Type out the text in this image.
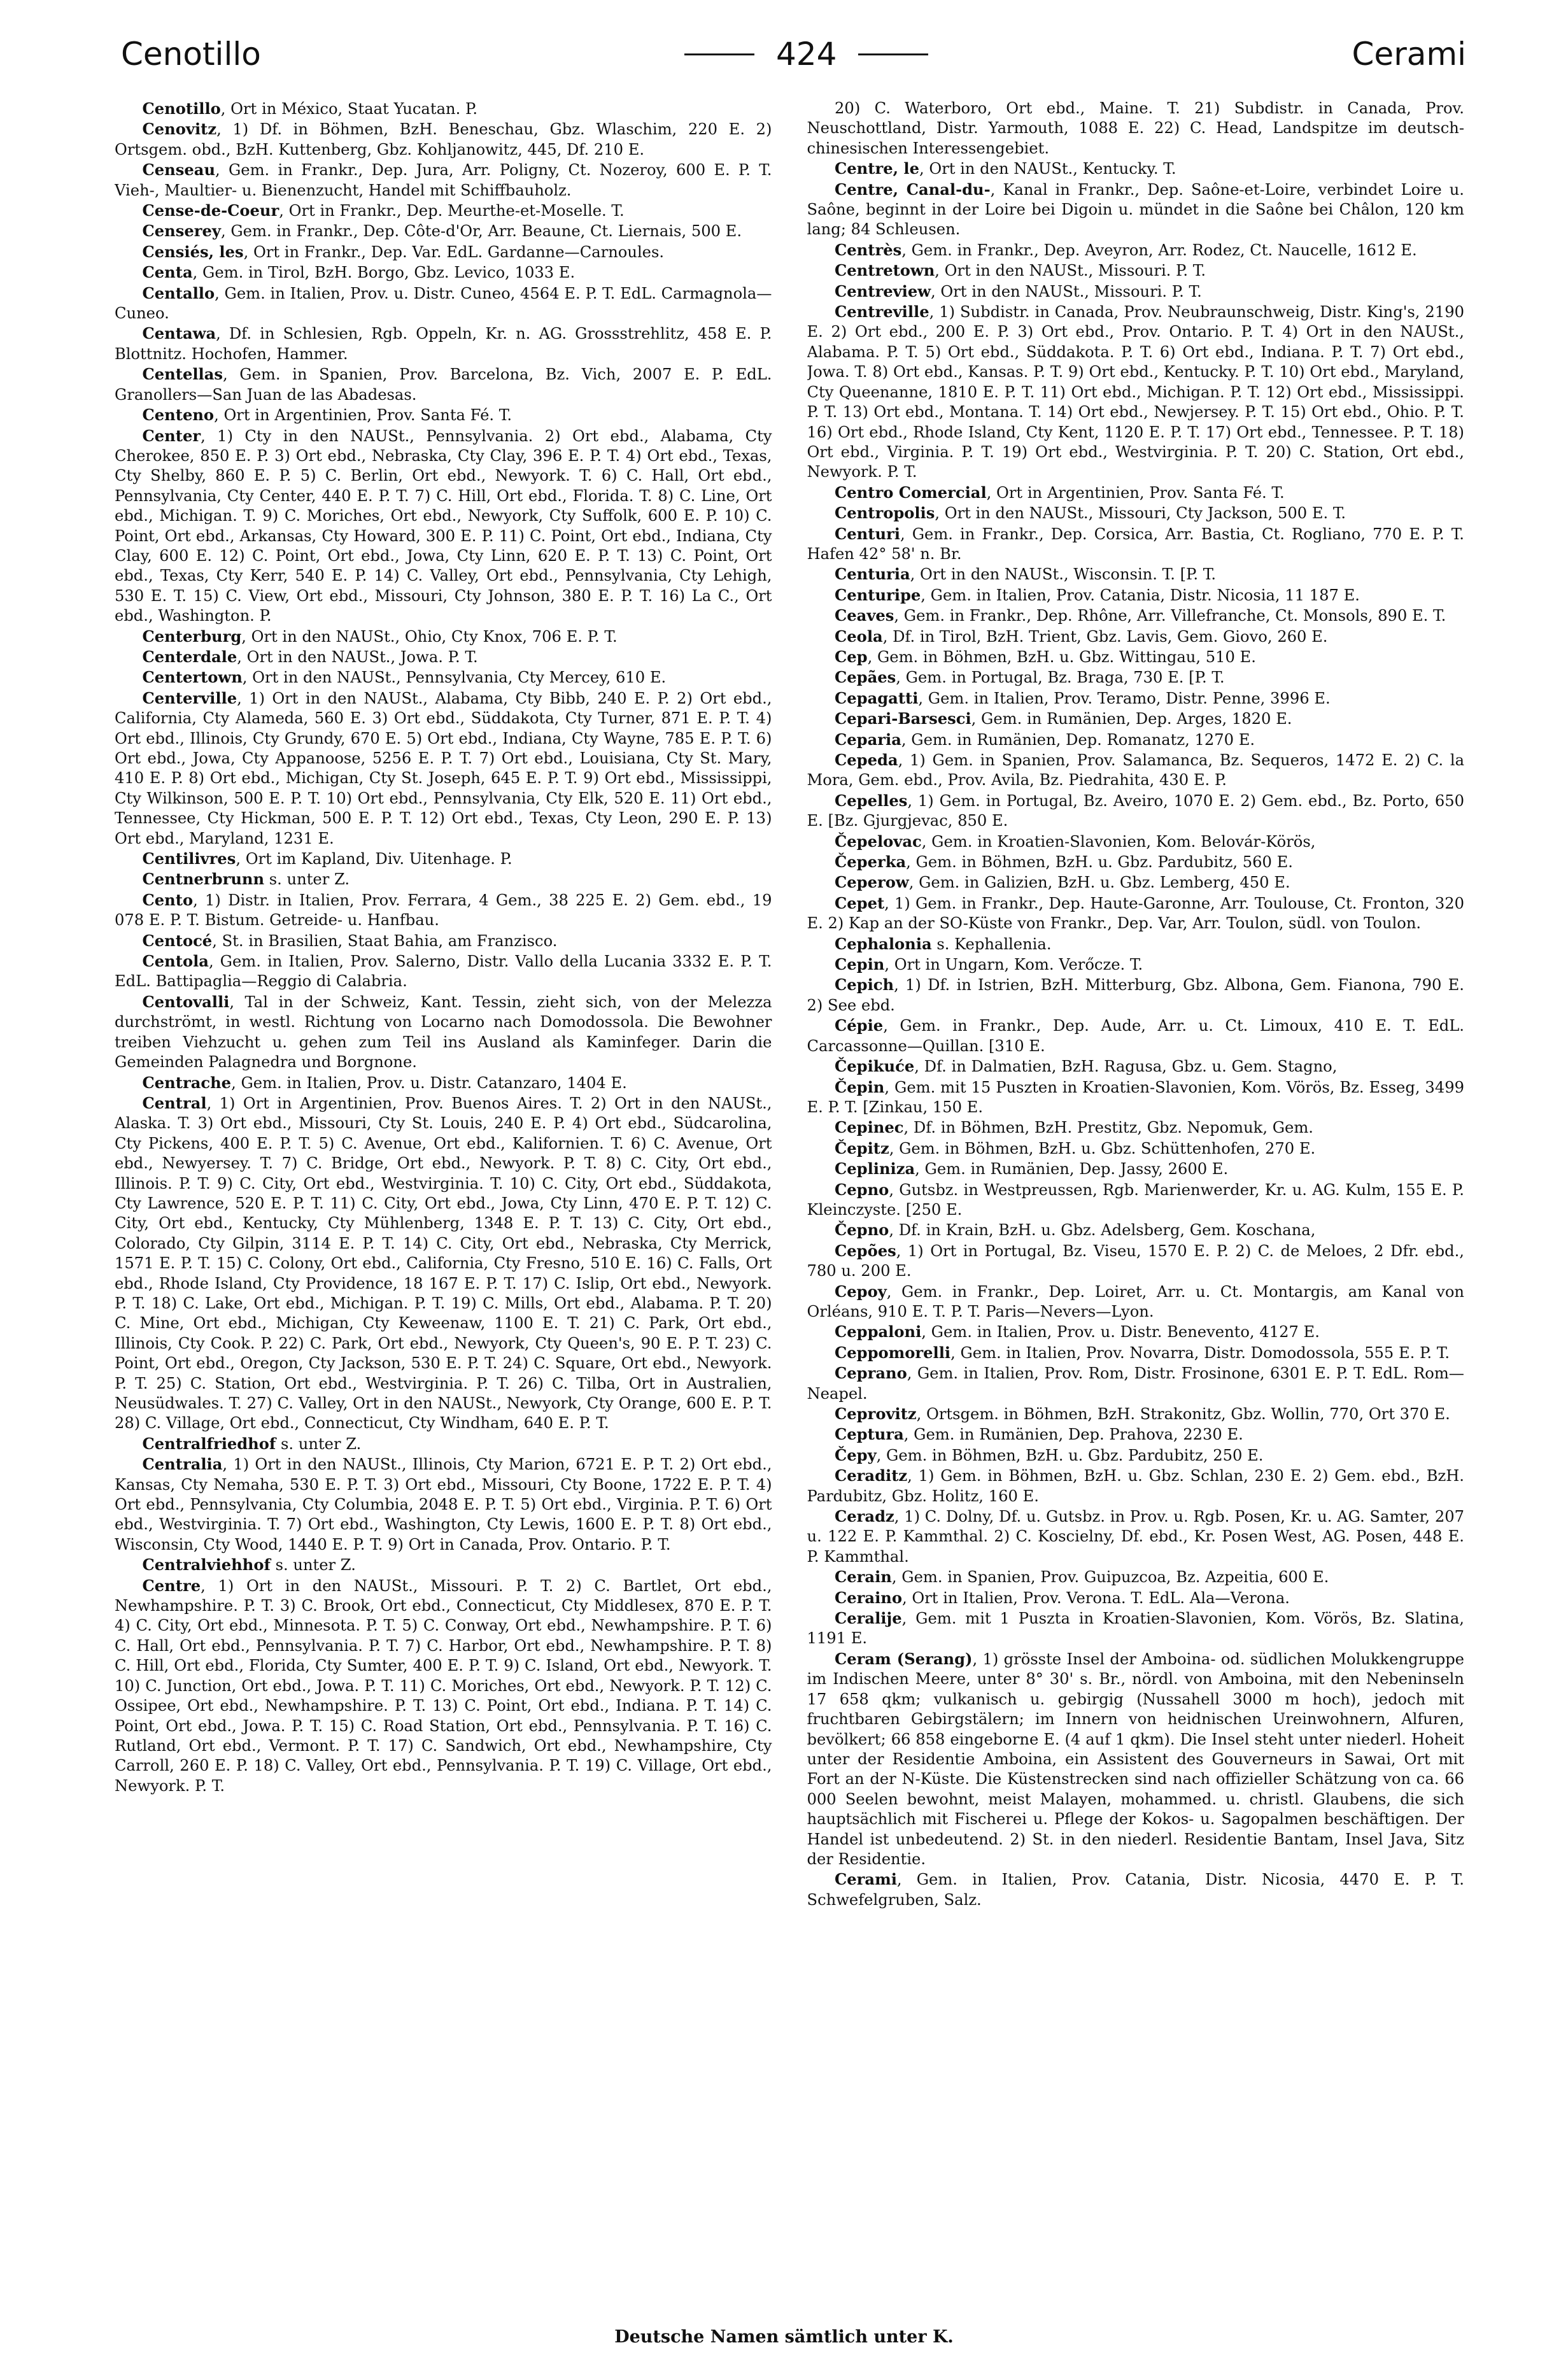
Cenotillo	424	Cerami

Cenotillo, Ort in México, Staat Yucatan. P.

Cenovitz, 1) Df. in Böhmen, BzH. Beneschau, Gbz. Wlaschim, 220 E. 2) Ortsgem. obd., BzH. Kuttenberg, Gbz. Kohljanowitz, 445, Df. 210 E.

Censeau, Gem. in Frankr., Dep. Jura, Arr. Poligny, Ct. Nozeroy, 600 E. P. T. Vieh-, Maultier- u. Bienenzucht, Handel mit Schiffbauholz.

Cense-de-Coeur, Ort in Frankr., Dep. Meurthe-et-Moselle. T.

Censerey, Gem. in Frankr., Dep. Côte-d'Or, Arr. Beaune, Ct. Liernais, 500 E.

Censiés, les, Ort in Frankr., Dep. Var. EdL. Gardanne—Carnoules.

Centa, Gem. in Tirol, BzH. Borgo, Gbz. Levico, 1033 E.

Centallo, Gem. in Italien, Prov. u. Distr. Cuneo, 4564 E. P. T. EdL. Carmagnola—Cuneo.

Centawa, Df. in Schlesien, Rgb. Oppeln, Kr. n. AG. Grossstrehlitz, 458 E. P. Blottnitz. Hochofen, Hammer.

Centellas, Gem. in Spanien, Prov. Barcelona, Bz. Vich, 2007 E. P. EdL. Granollers—San Juan de las Abadesas.

Centeno, Ort in Argentinien, Prov. Santa Fé. T.

Center, 1) Cty in den NAUSt., Pennsylvania. 2) Ort ebd., Alabama, Cty Cherokee, 850 E. P. 3) Ort ebd., Nebraska, Cty Clay, 396 E. P. T. 4) Ort ebd., Texas, Cty Shelby, 860 E. P. 5) C. Berlin, Ort ebd., Newyork. T. 6) C. Hall, Ort ebd., Pennsylvania, Cty Center, 440 E. P. T. 7) C. Hill, Ort ebd., Florida. T. 8) C. Line, Ort ebd., Michigan. T. 9) C. Moriches, Ort ebd., Newyork, Cty Suffolk, 600 E. P. 10) C. Point, Ort ebd., Arkansas, Cty Howard, 300 E. P. 11) C. Point, Ort ebd., Indiana, Cty Clay, 600 E. 12) C. Point, Ort ebd., Jowa, Cty Linn, 620 E. P. T. 13) C. Point, Ort ebd., Texas, Cty Kerr, 540 E. P. 14) C. Valley, Ort ebd., Pennsylvania, Cty Lehigh, 530 E. T. 15) C. View, Ort ebd., Missouri, Cty Johnson, 380 E. P. T. 16) La C., Ort ebd., Washington. P.

Centerburg, Ort in den NAUSt., Ohio, Cty Knox, 706 E. P. T.

Centerdale, Ort in den NAUSt., Jowa. P. T.

Centertown, Ort in den NAUSt., Pennsylvania, Cty Mercey, 610 E.

Centerville, 1) Ort in den NAUSt., Alabama, Cty Bibb, 240 E. P. 2) Ort ebd., California, Cty Alameda, 560 E. 3) Ort ebd., Süddakota, Cty Turner, 871 E. P. T. 4) Ort ebd., Illinois, Cty Grundy, 670 E. 5) Ort ebd., Indiana, Cty Wayne, 785 E. P. T. 6) Ort ebd., Jowa, Cty Appanoose, 5256 E. P. T. 7) Ort ebd., Louisiana, Cty St. Mary, 410 E. P. 8) Ort ebd., Michigan, Cty St. Joseph, 645 E. P. T. 9) Ort ebd., Mississippi, Cty Wilkinson, 500 E. P. T. 10) Ort ebd., Pennsylvania, Cty Elk, 520 E. 11) Ort ebd., Tennessee, Cty Hickman, 500 E. P. T. 12) Ort ebd., Texas, Cty Leon, 290 E. P. 13) Ort ebd., Maryland, 1231 E.

Centilivres, Ort im Kapland, Div. Uitenhage. P.

Centnerbrunn s. unter Z.

Cento, 1) Distr. in Italien, Prov. Ferrara, 4 Gem., 38 225 E. 2) Gem. ebd., 19 078 E. P. T. Bistum. Getreide- u. Hanfbau.

Centocé, St. in Brasilien, Staat Bahia, am Franzisco.

Centola, Gem. in Italien, Prov. Salerno, Distr. Vallo della Lucania 3332 E. P. T. EdL. Battipaglia—Reggio di Calabria.

Centovalli, Tal in der Schweiz, Kant. Tessin, zieht sich, von der Melezza durchströmt, in westl. Richtung von Locarno nach Domodossola. Die Bewohner treiben Viehzucht u. gehen zum Teil ins Ausland als Kaminfeger. Darin die Gemeinden Palagnedra und Borgnone.

Centrache, Gem. in Italien, Prov. u. Distr. Catanzaro, 1404 E.

Central, 1) Ort in Argentinien, Prov. Buenos Aires. T. 2) Ort in den NAUSt., Alaska. T. 3) Ort ebd., Missouri, Cty St. Louis, 240 E. P. 4) Ort ebd., Südcarolina, Cty Pickens, 400 E. P. T. 5) C. Avenue, Ort ebd., Kalifornien. T. 6) C. Avenue, Ort ebd., Newyersey. T. 7) C. Bridge, Ort ebd., Newyork. P. T. 8) C. City, Ort ebd., Illinois. P. T. 9) C. City, Ort ebd., Westvirginia. T. 10) C. City, Ort ebd., Süddakota, Cty Lawrence, 520 E. P. T. 11) C. City, Ort ebd., Jowa, Cty Linn, 470 E. P. T. 12) C. City, Ort ebd., Kentucky, Cty Mühlenberg, 1348 E. P. T. 13) C. City, Ort ebd., Colorado, Cty Gilpin, 3114 E. P. T. 14) C. City, Ort ebd., Nebraska, Cty Merrick, 1571 E. P. T. 15) C. Colony, Ort ebd., California, Cty Fresno, 510 E. 16) C. Falls, Ort ebd., Rhode Island, Cty Providence, 18 167 E. P. T. 17) C. Islip, Ort ebd., Newyork. P. T. 18) C. Lake, Ort ebd., Michigan. P. T. 19) C. Mills, Ort ebd., Alabama. P. T. 20) C. Mine, Ort ebd., Michigan, Cty Keweenaw, 1100 E. T. 21) C. Park, Ort ebd., Illinois, Cty Cook. P. 22) C. Park, Ort ebd., Newyork, Cty Queen's, 90 E. P. T. 23) C. Point, Ort ebd., Oregon, Cty Jackson, 530 E. P. T. 24) C. Square, Ort ebd., Newyork. P. T. 25) C. Station, Ort ebd., Westvirginia. P. T. 26) C. Tilba, Ort in Australien, Neusüdwales. T. 27) C. Valley, Ort in den NAUSt., Newyork, Cty Orange, 600 E. P. T. 28) C. Village, Ort ebd., Connecticut, Cty Windham, 640 E. P. T.

Centralfriedhof s. unter Z.

Centralia, 1) Ort in den NAUSt., Illinois, Cty Marion, 6721 E. P. T. 2) Ort ebd., Kansas, Cty Nemaha, 530 E. P. T. 3) Ort ebd., Missouri, Cty Boone, 1722 E. P. T. 4) Ort ebd., Pennsylvania, Cty Columbia, 2048 E. P. T. 5) Ort ebd., Virginia. P. T. 6) Ort ebd., Westvirginia. T. 7) Ort ebd., Washington, Cty Lewis, 1600 E. P. T. 8) Ort ebd., Wisconsin, Cty Wood, 1440 E. P. T. 9) Ort in Canada, Prov. Ontario. P. T.

Centralviehhof s. unter Z.

Centre, 1) Ort in den NAUSt., Missouri. P. T. 2) C. Bartlet, Ort ebd., Newhampshire. P. T. 3) C. Brook, Ort ebd., Connecticut, Cty Middlesex, 870 E. P. T. 4) C. City, Ort ebd., Minnesota. P. T. 5) C. Conway, Ort ebd., Newhampshire. P. T. 6) C. Hall, Ort ebd., Pennsylvania. P. T. 7) C. Harbor, Ort ebd., Newhampshire. P. T. 8) C. Hill, Ort ebd., Florida, Cty Sumter, 400 E. P. T. 9) C. Island, Ort ebd., Newyork. T. 10) C. Junction, Ort ebd., Jowa. P. T. 11) C. Moriches, Ort ebd., Newyork. P. T. 12) C. Ossipee, Ort ebd., Newhampshire. P. T. 13) C. Point, Ort ebd., Indiana. P. T. 14) C. Point, Ort ebd., Jowa. P. T. 15) C. Road Station, Ort ebd., Pennsylvania. P. T. 16) C. Rutland, Ort ebd., Vermont. P. T. 17) C. Sandwich, Ort ebd., Newhampshire, Cty Carroll, 260 E. P. 18) C. Valley, Ort ebd., Pennsylvania. P. T. 19) C. Village, Ort ebd., Newyork. P. T.

20) C. Waterboro, Ort ebd., Maine. T. 21) Subdistr. in Canada, Prov. Neuschottland, Distr. Yarmouth, 1088 E. 22) C. Head, Landspitze im deutsch-chinesischen Interessengebiet.

Centre, le, Ort in den NAUSt., Kentucky. T.

Centre, Canal-du-, Kanal in Frankr., Dep. Saône-et-Loire, verbindet Loire u. Saône, beginnt in der Loire bei Digoin u. mündet in die Saône bei Châlon, 120 km lang; 84 Schleusen.

Centrès, Gem. in Frankr., Dep. Aveyron, Arr. Rodez, Ct. Naucelle, 1612 E.

Centretown, Ort in den NAUSt., Missouri. P. T.

Centreview, Ort in den NAUSt., Missouri. P. T.

Centreville, 1) Subdistr. in Canada, Prov. Neubraunschweig, Distr. King's, 2190 E. 2) Ort ebd., 200 E. P. 3) Ort ebd., Prov. Ontario. P. T. 4) Ort in den NAUSt., Alabama. P. T. 5) Ort ebd., Süddakota. P. T. 6) Ort ebd., Indiana. P. T. 7) Ort ebd., Jowa. T. 8) Ort ebd., Kansas. P. T. 9) Ort ebd., Kentucky. P. T. 10) Ort ebd., Maryland, Cty Queenanne, 1810 E. P. T. 11) Ort ebd., Michigan. P. T. 12) Ort ebd., Mississippi. P. T. 13) Ort ebd., Montana. T. 14) Ort ebd., Newjersey. P. T. 15) Ort ebd., Ohio. P. T. 16) Ort ebd., Rhode Island, Cty Kent, 1120 E. P. T. 17) Ort ebd., Tennessee. P. T. 18) Ort ebd., Virginia. P. T. 19) Ort ebd., Westvirginia. P. T. 20) C. Station, Ort ebd., Newyork. P. T.

Centro Comercial, Ort in Argentinien, Prov. Santa Fé. T.

Centropolis, Ort in den NAUSt., Missouri, Cty Jackson, 500 E. T.

Centuri, Gem. in Frankr., Dep. Corsica, Arr. Bastia, Ct. Rogliano, 770 E. P. T. Hafen 42° 58' n. Br.

Centuria, Ort in den NAUSt., Wisconsin. T. [P. T.

Centuripe, Gem. in Italien, Prov. Catania, Distr. Nicosia, 11 187 E.

Ceaves, Gem. in Frankr., Dep. Rhône, Arr. Villefranche, Ct. Monsols, 890 E. T.

Ceola, Df. in Tirol, BzH. Trient, Gbz. Lavis, Gem. Giovo, 260 E.

Cep, Gem. in Böhmen, BzH. u. Gbz. Wittingau, 510 E.

Cepães, Gem. in Portugal, Bz. Braga, 730 E. [P. T.

Cepagatti, Gem. in Italien, Prov. Teramo, Distr. Penne, 3996 E.

Cepari-Barsesci, Gem. in Rumänien, Dep. Arges, 1820 E.

Ceparia, Gem. in Rumänien, Dep. Romanatz, 1270 E.

Cepeda, 1) Gem. in Spanien, Prov. Salamanca, Bz. Sequeros, 1472 E. 2) C. la Mora, Gem. ebd., Prov. Avila, Bz. Piedrahita, 430 E. P.

Cepelles, 1) Gem. in Portugal, Bz. Aveiro, 1070 E. 2) Gem. ebd., Bz. Porto, 650 E. [Bz. Gjurgjevac, 850 E.

Čepelovac, Gem. in Kroatien-Slavonien, Kom. Belovár-Körös,

Čeperka, Gem. in Böhmen, BzH. u. Gbz. Pardubitz, 560 E.

Ceperow, Gem. in Galizien, BzH. u. Gbz. Lemberg, 450 E.

Cepet, 1) Gem. in Frankr., Dep. Haute-Garonne, Arr. Toulouse, Ct. Fronton, 320 E. 2) Kap an der SO-Küste von Frankr., Dep. Var, Arr. Toulon, südl. von Toulon.

Cephalonia s. Kephallenia.

Cepin, Ort in Ungarn, Kom. Verőcze. T.

Cepich, 1) Df. in Istrien, BzH. Mitterburg, Gbz. Albona, Gem. Fianona, 790 E. 2) See ebd.

Cépie, Gem. in Frankr., Dep. Aude, Arr. u. Ct. Limoux, 410 E. T. EdL. Carcassonne—Quillan. [310 E.

Čepikuće, Df. in Dalmatien, BzH. Ragusa, Gbz. u. Gem. Stagno,

Čepin, Gem. mit 15 Puszten in Kroatien-Slavonien, Kom. Vörös, Bz. Esseg, 3499 E. P. T. [Zinkau, 150 E.

Cepinec, Df. in Böhmen, BzH. Prestitz, Gbz. Nepomuk, Gem.

Čepitz, Gem. in Böhmen, BzH. u. Gbz. Schüttenhofen, 270 E.

Cepliniza, Gem. in Rumänien, Dep. Jassy, 2600 E.

Cepno, Gutsbz. in Westpreussen, Rgb. Marienwerder, Kr. u. AG. Kulm, 155 E. P. Kleinczyste. [250 E.

Čepno, Df. in Krain, BzH. u. Gbz. Adelsberg, Gem. Koschana,

Cepões, 1) Ort in Portugal, Bz. Viseu, 1570 E. P. 2) C. de Meloes, 2 Dfr. ebd., 780 u. 200 E.

Cepoy, Gem. in Frankr., Dep. Loiret, Arr. u. Ct. Montargis, am Kanal von Orléans, 910 E. T. P. T. Paris—Nevers—Lyon.

Ceppaloni, Gem. in Italien, Prov. u. Distr. Benevento, 4127 E.

Ceppomorelli, Gem. in Italien, Prov. Novarra, Distr. Domodossola, 555 E. P. T.

Ceprano, Gem. in Italien, Prov. Rom, Distr. Frosinone, 6301 E. P. T. EdL. Rom—Neapel.

Ceprovitz, Ortsgem. in Böhmen, BzH. Strakonitz, Gbz. Wollin, 770, Ort 370 E.

Ceptura, Gem. in Rumänien, Dep. Prahova, 2230 E.

Čepy, Gem. in Böhmen, BzH. u. Gbz. Pardubitz, 250 E.

Ceraditz, 1) Gem. in Böhmen, BzH. u. Gbz. Schlan, 230 E. 2) Gem. ebd., BzH. Pardubitz, Gbz. Holitz, 160 E.

Ceradz, 1) C. Dolny, Df. u. Gutsbz. in Prov. u. Rgb. Posen, Kr. u. AG. Samter, 207 u. 122 E. P. Kammthal. 2) C. Koscielny, Df. ebd., Kr. Posen West, AG. Posen, 448 E. P. Kammthal.

Cerain, Gem. in Spanien, Prov. Guipuzcoa, Bz. Azpeitia, 600 E.

Ceraino, Ort in Italien, Prov. Verona. T. EdL. Ala—Verona.

Ceralije, Gem. mit 1 Puszta in Kroatien-Slavonien, Kom. Vörös, Bz. Slatina, 1191 E.

Ceram (Serang), 1) grösste Insel der Amboina- od. südlichen Molukkengruppe im Indischen Meere, unter 8° 30' s. Br., nördl. von Amboina, mit den Nebeninseln 17 658 qkm; vulkanisch u. gebirgig (Nussahell 3000 m hoch), jedoch mit fruchtbaren Gebirgstälern; im Innern von heidnischen Ureinwohnern, Alfuren, bevölkert; 66 858 eingeborne E. (4 auf 1 qkm). Die Insel steht unter niederl. Hoheit unter der Residentie Amboina, ein Assistent des Gouverneurs in Sawai, Ort mit Fort an der N-Küste. Die Küstenstrecken sind nach offizieller Schätzung von ca. 66 000 Seelen bewohnt, meist Malayen, mohammed. u. christl. Glaubens, die sich hauptsächlich mit Fischerei u. Pflege der Kokos- u. Sagopalmen beschäftigen. Der Handel ist unbedeutend. 2) St. in den niederl. Residentie Bantam, Insel Java, Sitz der Residentie.

Cerami, Gem. in Italien, Prov. Catania, Distr. Nicosia, 4470 E. P. T. Schwefelgruben, Salz.

Deutsche Namen sämtlich unter K.
